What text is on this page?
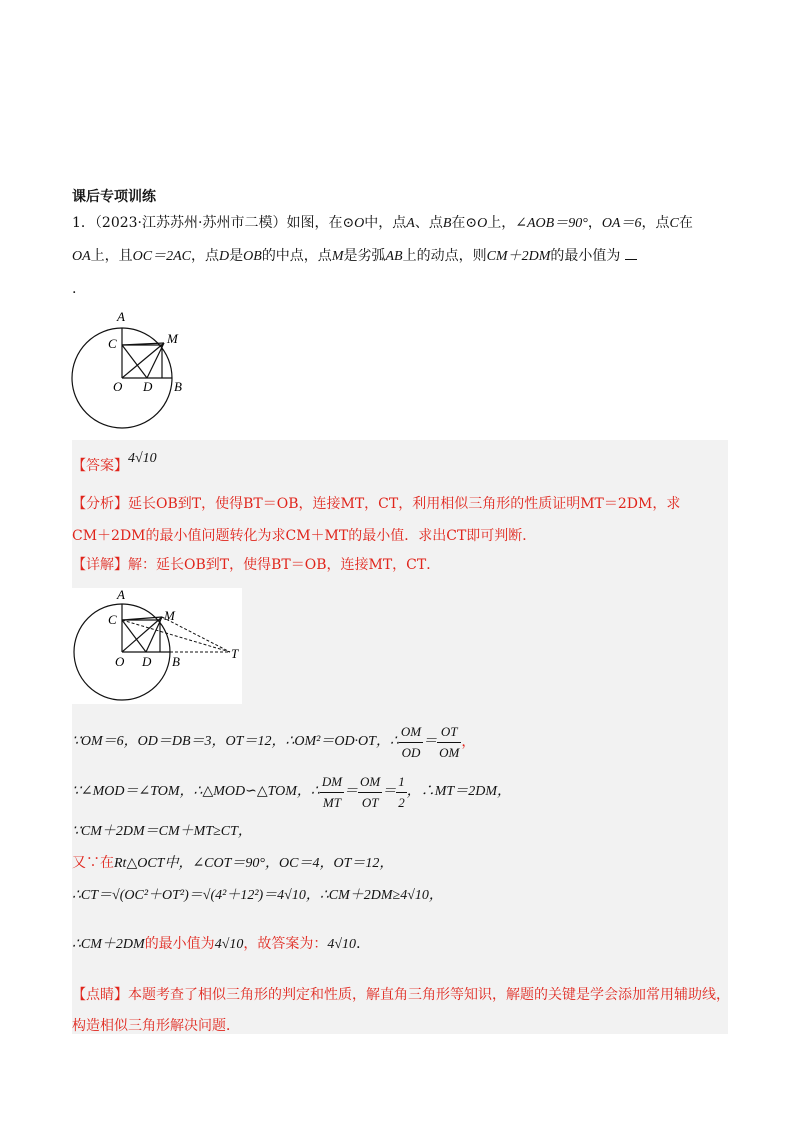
课后专项训练
1．（2023·江苏苏州·苏州市二模）如图，在⊙O中，点A、点B在⊙O上，∠AOB＝90°，OA＝6，点C在
OA上，且OC＝2AC，点D是OB的中点，点M是劣弧AB上的动点，则CM＋2DM的最小值为
.
A
C	M
O D B
【答案】4√10
【分析】延长OB到T，使得BT＝OB，连接MT，CT，利用相似三角形的性质证明MT＝2DM，求
CM＋2DM的最小值问题转化为求CM＋MT的最小值．求出CT即可判断．
【详解】解：延长OB到T，使得BT＝OB，连接MT，CT．
A
C	M
O D B
T
∵OM＝6，OD＝DB＝3，OT＝12，∴OM²＝OD·OT，∴ $\frac{OM}{OD} = \frac{OT}{OM}$ ，
∵∠MOD＝∠TOM，∴△MOD∽△TOM，∴ $\frac{DM}{MT} = \frac{OM}{OT} = \frac{1}{2}$ ，∴MT＝2DM，
∵CM＋2DM＝CM＋MT≥CT，
又∵在Rt△OCT中，∠COT＝90°，OC＝4，OT＝12，
∴CT＝√(OC²＋OT²)＝√(4²＋12²)＝4√10，∴CM＋2DM≥4√10，
∴CM＋2DM的最小值为4√10，故答案为：4√10．
【点睛】本题考查了相似三角形的判定和性质，解直角三角形等知识，解题的关键是学会添加常用辅助线，
构造相似三角形解决问题．
